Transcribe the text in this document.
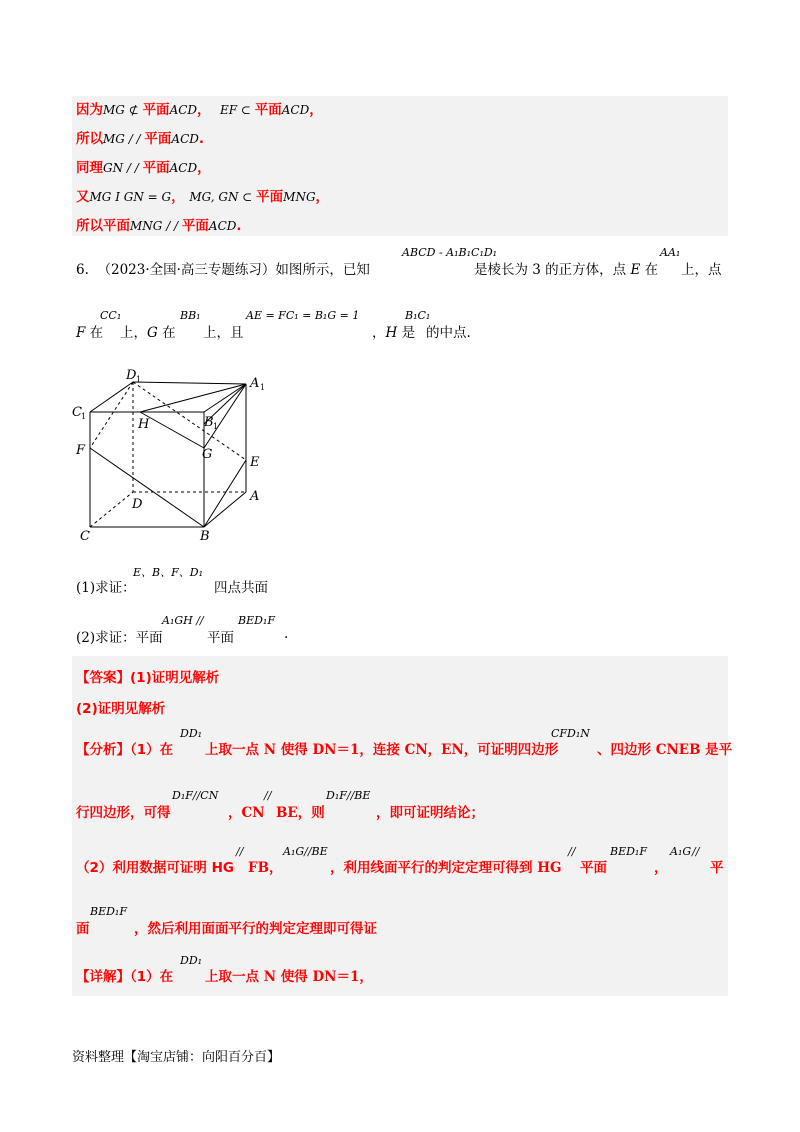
因为MG ⊄ 平面ACD， EF ⊂ 平面ACD，
所以MG / / 平面ACD.
同理GN / / 平面ACD，
又MG I GN = G， MG, GN ⊂ 平面MNG，
所以平面MNG / / 平面ACD.
6. （2023·全国·高三专题练习）如图所示，已知
ABCD - A₁B₁C₁D₁
是棱长为 3 的正方体，点 E 在
AA₁
上，点
F 在
CC₁
上，G 在
BB₁
上，且
AE = FC₁ = B₁G = 1
，H 是
B₁C₁
的中点.
D 1	A 1
C 1
H	B 1
F	G
E
D
A
C	B
(1)求证：
E、B、F、D₁
四点共面
(2)求证：平面
A₁GH //
平面
BED₁F
.
【答案】(1)证明见解析
(2)证明见解析
【分析】（1）在
DD₁
上取一点 N 使得 DN＝1，连接 CN，EN，可证明四边形
CFD₁N
、四边形 CNEB 是平
行四边形，可得
D₁F//CN
，CN
//
BE，则
D₁F//BE
，即可证明结论；
（2）利用数据可证明 HG
//
FB，
A₁G//BE
，利用线面平行的判定定理可得到 HG
//
平面
BED₁F
，
A₁G //
平
面
BED₁F
，然后利用面面平行的判定定理即可得证
【详解】（1）在
DD₁
上取一点 N 使得 DN＝1，
资料整理【淘宝店铺：向阳百分百】
